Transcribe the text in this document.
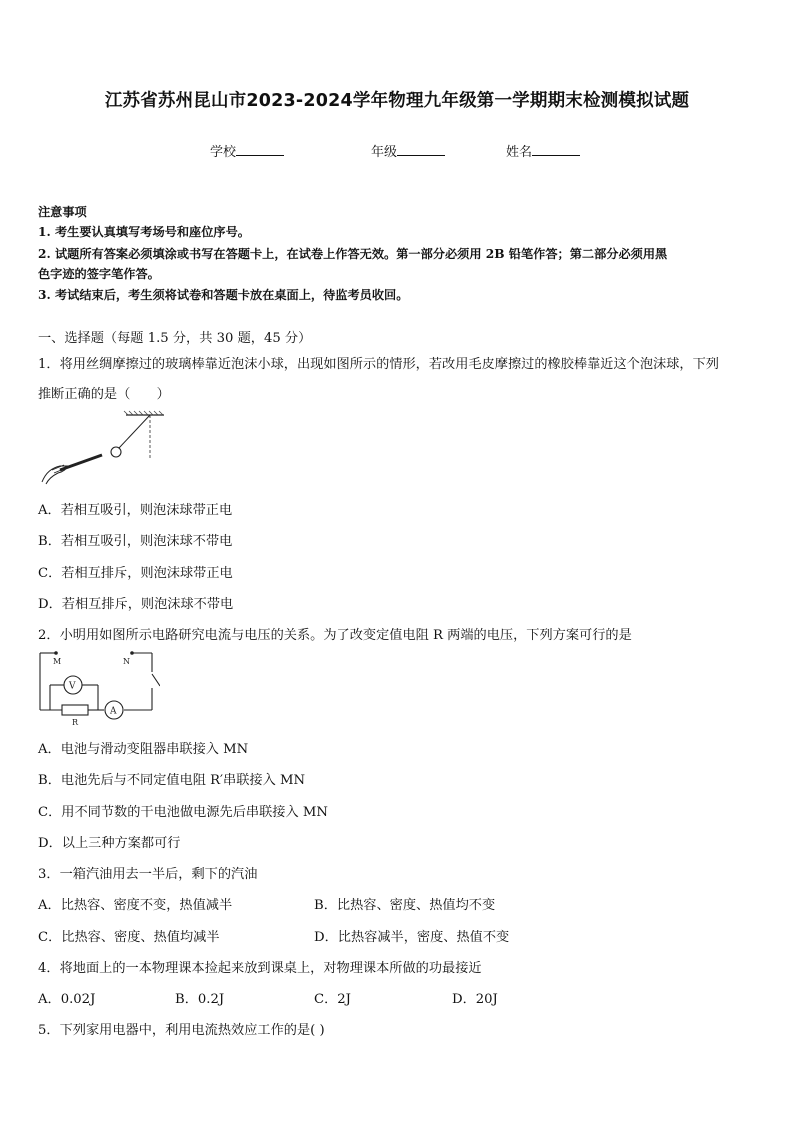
江苏省苏州昆山市2023-2024学年物理九年级第一学期期末检测模拟试题
学校	年级	姓名
注意事项
1. 考生要认真填写考场号和座位序号。
2. 试题所有答案必须填涂或书写在答题卡上，在试卷上作答无效。第一部分必须用 2B 铅笔作答；第二部分必须用黑
色字迹的签字笔作答。
3. 考试结束后，考生须将试卷和答题卡放在桌面上，待监考员收回。
一、选择题（每题 1.5 分，共 30 题，45 分）
1．将用丝绸摩擦过的玻璃棒靠近泡沫小球，出现如图所示的情形，若改用毛皮摩擦过的橡胶棒靠近这个泡沫球，下列
推断正确的是（　　）
A．若相互吸引，则泡沫球带正电
B．若相互吸引，则泡沫球不带电
C．若相互排斥，则泡沫球带正电
D．若相互排斥，则泡沫球不带电
2．小明用如图所示电路研究电流与电压的关系。为了改变定值电阻 R 两端的电压，下列方案可行的是
M	N
V
A
R
A．电池与滑动变阻器串联接入 MN
B．电池先后与不同定值电阻 R′串联接入 MN
C．用不同节数的干电池做电源先后串联接入 MN
D．以上三种方案都可行
3．一箱汽油用去一半后，剩下的汽油
A．比热容、密度不变，热值减半	B．比热容、密度、热值均不变
C．比热容、密度、热值均减半	D．比热容减半，密度、热值不变
4．将地面上的一本物理课本捡起来放到课桌上，对物理课本所做的功最接近
A．0.02J	B．0.2J	C．2J	D．20J
5．下列家用电器中，利用电流热效应工作的是( )
